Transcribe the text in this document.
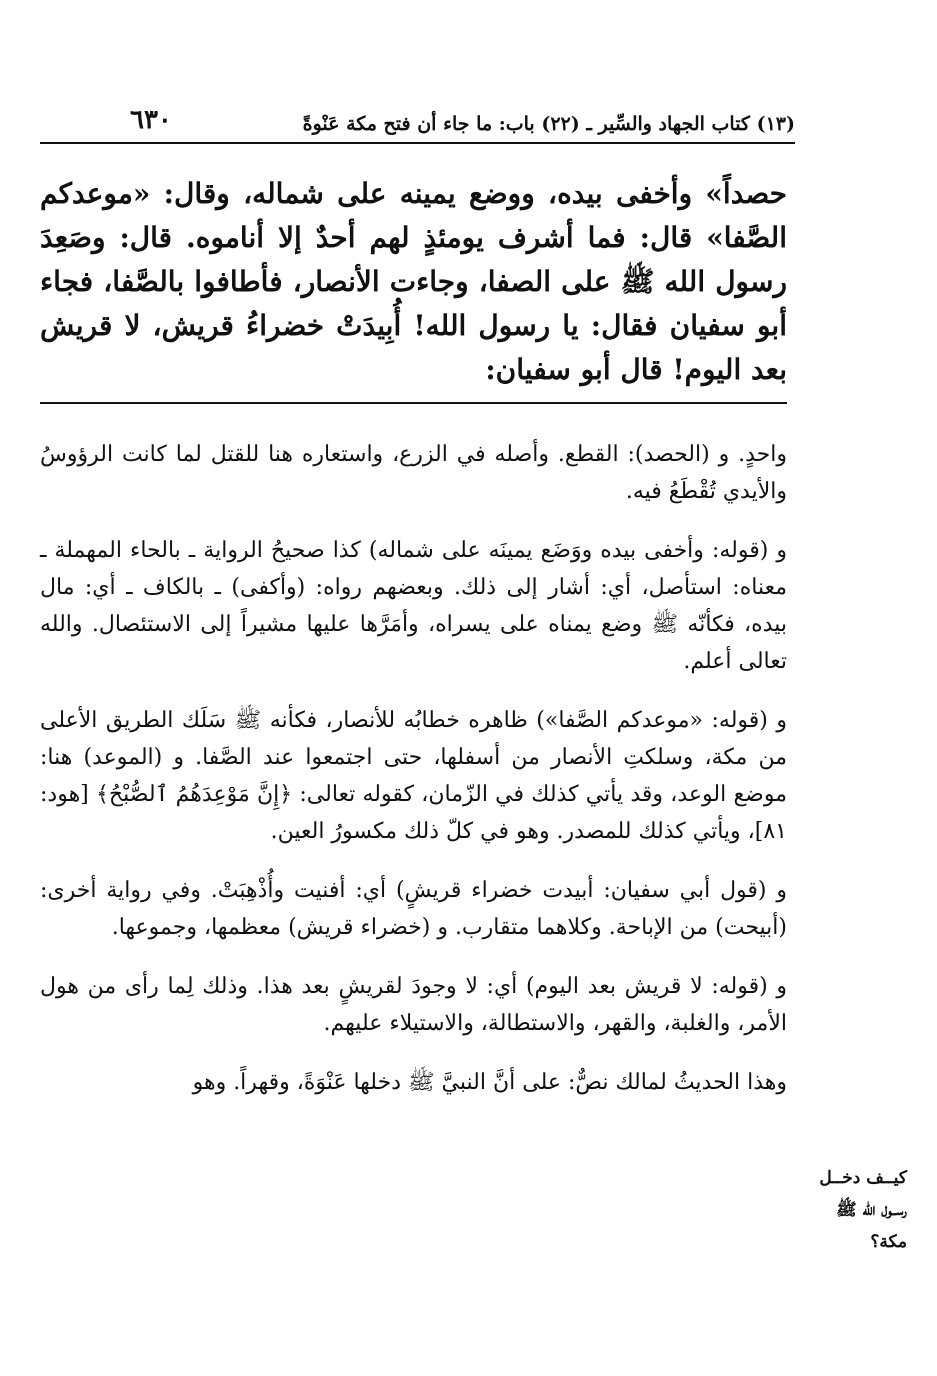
٦٣٠	(١٣) كتاب الجهاد والسِّير ـ (٢٢) باب: ما جاء أن فتح مكة عَنْوةً

حصداً» وأخفى بيده، ووضع يمينه على شماله، وقال: «موعدكم الصَّفا» قال: فما أشرف يومئذٍ لهم أحدٌ إلا أناموه. قال: وصَعِدَ رسول الله ﷺ على الصفا، وجاءت الأنصار، فأطافوا بالصَّفا، فجاء أبو سفيان فقال: يا رسول الله! أُبِيدَتْ خضراءُ قريش، لا قريش بعد اليوم! قال أبو سفيان:

واحدٍ. و (الحصد): القطع. وأصله في الزرع، واستعاره هنا للقتل لما كانت الرؤوسُ والأيدي تُقْطَعُ فيه.

و (قوله: وأخفى بيده ووَضَع يمينَه على شماله) كذا صحيحُ الرواية ـ بالحاء المهملة ـ معناه: استأصل، أي: أشار إلى ذلك. وبعضهم رواه: (وأكفى) ـ بالكاف ـ أي: مال بيده، فكأنّه ﷺ وضع يمناه على يسراه، وأمَرَّها عليها مشيراً إلى الاستئصال. والله تعالى أعلم.

و (قوله: «موعدكم الصَّفا») ظاهره خطابُه للأنصار، فكأنه ﷺ سَلَك الطريق الأعلى من مكة، وسلكتِ الأنصار من أسفلها، حتى اجتمعوا عند الصَّفا. و (الموعد) هنا: موضع الوعد، وقد يأتي كذلك في الزّمان، كقوله تعالى: ﴿إِنَّ مَوْعِدَهُمُ ٱلصُّبْحُ﴾ [هود: ٨١]، ويأتي كذلك للمصدر. وهو في كلّ ذلك مكسورُ العين.

و (قول أبي سفيان: أبيدت خضراء قريشٍ) أي: أفنيت وأُذْهِبَتْ. وفي رواية أخرى: (أبيحت) من الإباحة. وكلاهما متقارب. و (خضراء قريش) معظمها، وجموعها.

و (قوله: لا قريش بعد اليوم) أي: لا وجودَ لقريشٍ بعد هذا. وذلك لِما رأى من هول الأمر، والغلبة، والقهر، والاستطالة، والاستيلاء عليهم.

وهذا الحديثُ لمالك نصٌّ: على أنَّ النبيَّ ﷺ دخلها عَنْوَةً، وقهراً. وهو

كيــف دخــل
رســول الله ﷺ
مكة؟
